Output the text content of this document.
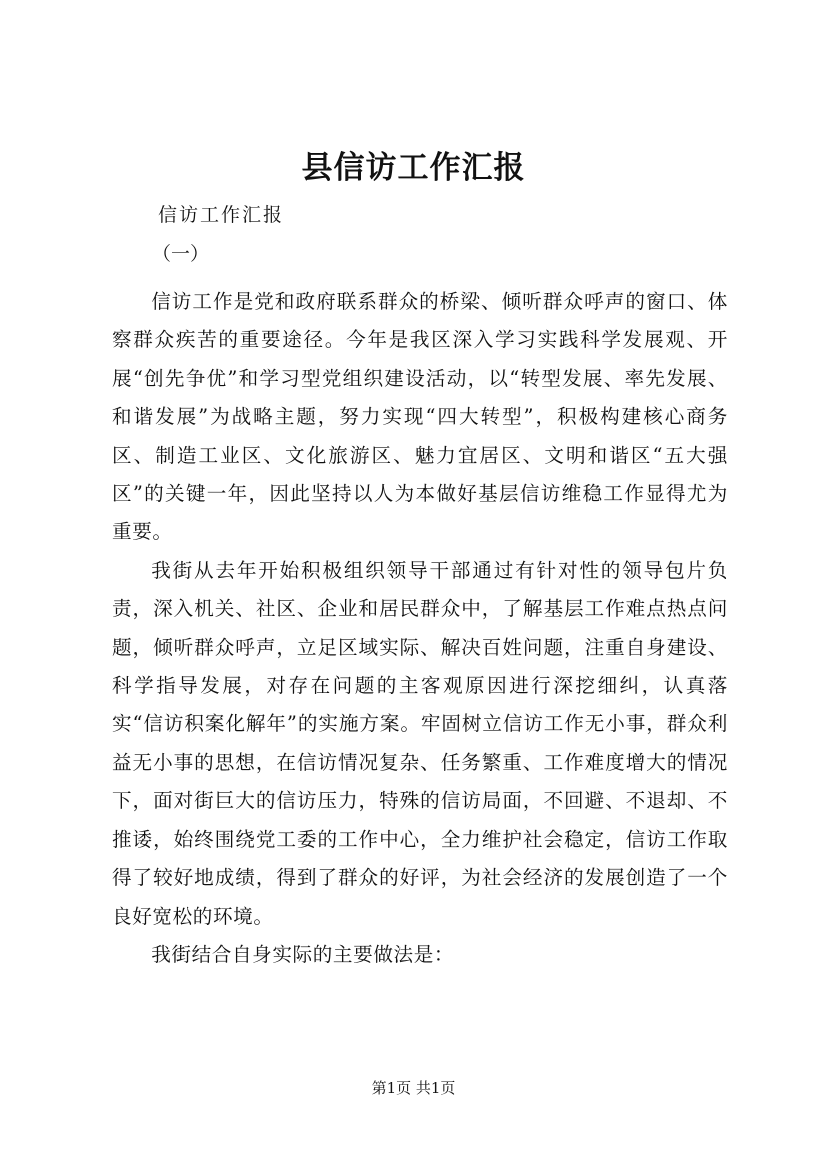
县信访工作汇报

信访工作汇报

（一）

信访工作是党和政府联系群众的桥梁、倾听群众呼声的窗口、体察群众疾苦的重要途径。今年是我区深入学习实践科学发展观、开展“创先争优”和学习型党组织建设活动，以“转型发展、率先发展、和谐发展”为战略主题，努力实现“四大转型”，积极构建核心商务区、制造工业区、文化旅游区、魅力宜居区、文明和谐区“五大强区”的关键一年，因此坚持以人为本做好基层信访维稳工作显得尤为重要。

我街从去年开始积极组织领导干部通过有针对性的领导包片负责，深入机关、社区、企业和居民群众中，了解基层工作难点热点问题，倾听群众呼声，立足区域实际、解决百姓问题，注重自身建设、科学指导发展，对存在问题的主客观原因进行深挖细纠，认真落实“信访积案化解年”的实施方案。牢固树立信访工作无小事，群众利益无小事的思想，在信访情况复杂、任务繁重、工作难度增大的情况下，面对街巨大的信访压力，特殊的信访局面，不回避、不退却、不推诿，始终围绕党工委的工作中心，全力维护社会稳定，信访工作取得了较好地成绩，得到了群众的好评，为社会经济的发展创造了一个良好宽松的环境。

我街结合自身实际的主要做法是：

第1页 共1页
